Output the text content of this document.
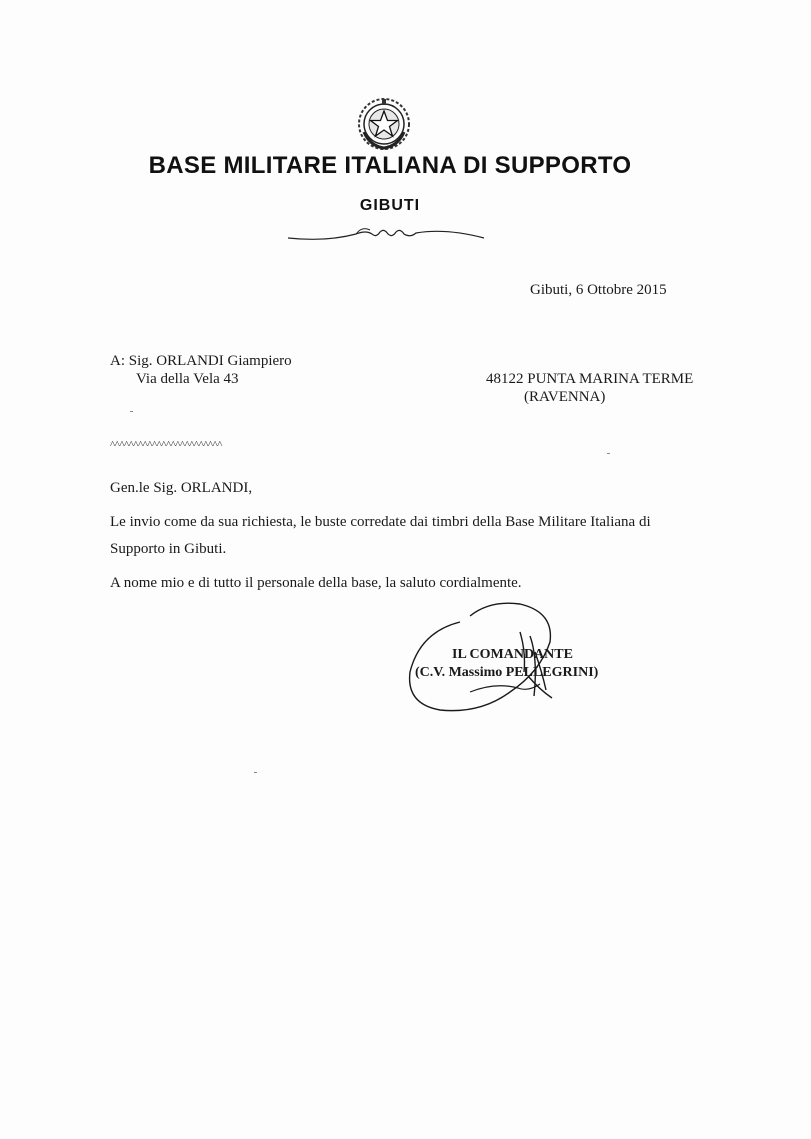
BASE MILITARE ITALIANA DI SUPPORTO
GIBUTI
Gibuti, 6 Ottobre 2015
A: Sig. ORLANDI Giampiero
Via della Vela 43	48122 PUNTA MARINA TERME
(RAVENNA)
^^^^^^^^^^^^^^^^^^^^^^^^
Gen.le Sig. ORLANDI,
Le invio come da sua richiesta, le buste corredate dai timbri della Base Militare Italiana di
Supporto in Gibuti.
A nome mio e di tutto il personale della base, la saluto cordialmente.
IL COMANDANTE
(C.V. Massimo PELLEGRINI)
